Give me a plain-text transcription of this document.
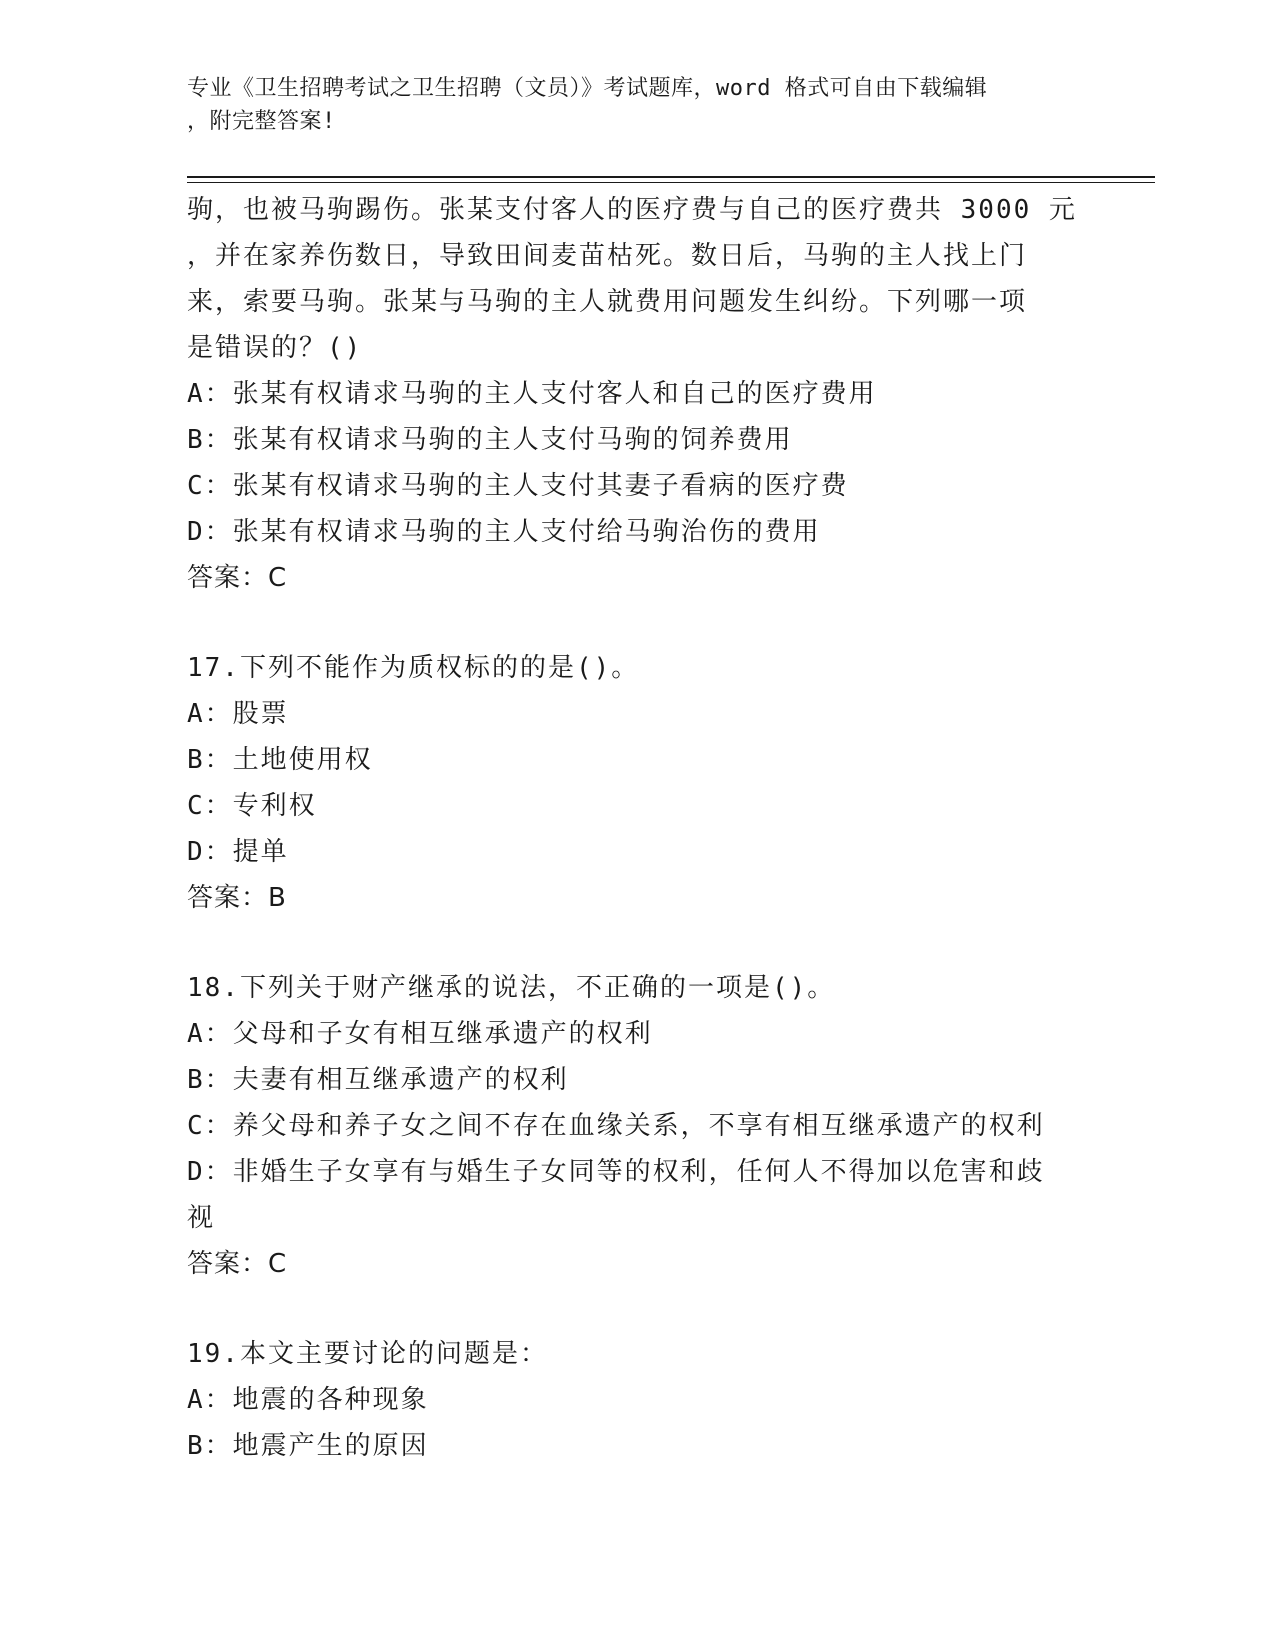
专业《卫生招聘考试之卫生招聘（文员）》考试题库，word 格式可自由下载编辑
，附完整答案!
驹，也被马驹踢伤。张某支付客人的医疗费与自己的医疗费共 3000 元
，并在家养伤数日，导致田间麦苗枯死。数日后，马驹的主人找上门
来，索要马驹。张某与马驹的主人就费用问题发生纠纷。下列哪一项
是错误的？()
A：张某有权请求马驹的主人支付客人和自己的医疗费用
B：张某有权请求马驹的主人支付马驹的饲养费用
C：张某有权请求马驹的主人支付其妻子看病的医疗费
D：张某有权请求马驹的主人支付给马驹治伤的费用
答案：C
17.下列不能作为质权标的的是()。
A：股票
B：土地使用权
C：专利权
D：提单
答案：B
18.下列关于财产继承的说法，不正确的一项是()。
A：父母和子女有相互继承遗产的权利
B：夫妻有相互继承遗产的权利
C：养父母和养子女之间不存在血缘关系，不享有相互继承遗产的权利
D：非婚生子女享有与婚生子女同等的权利，任何人不得加以危害和歧
视
答案：C
19.本文主要讨论的问题是：
A：地震的各种现象
B：地震产生的原因
